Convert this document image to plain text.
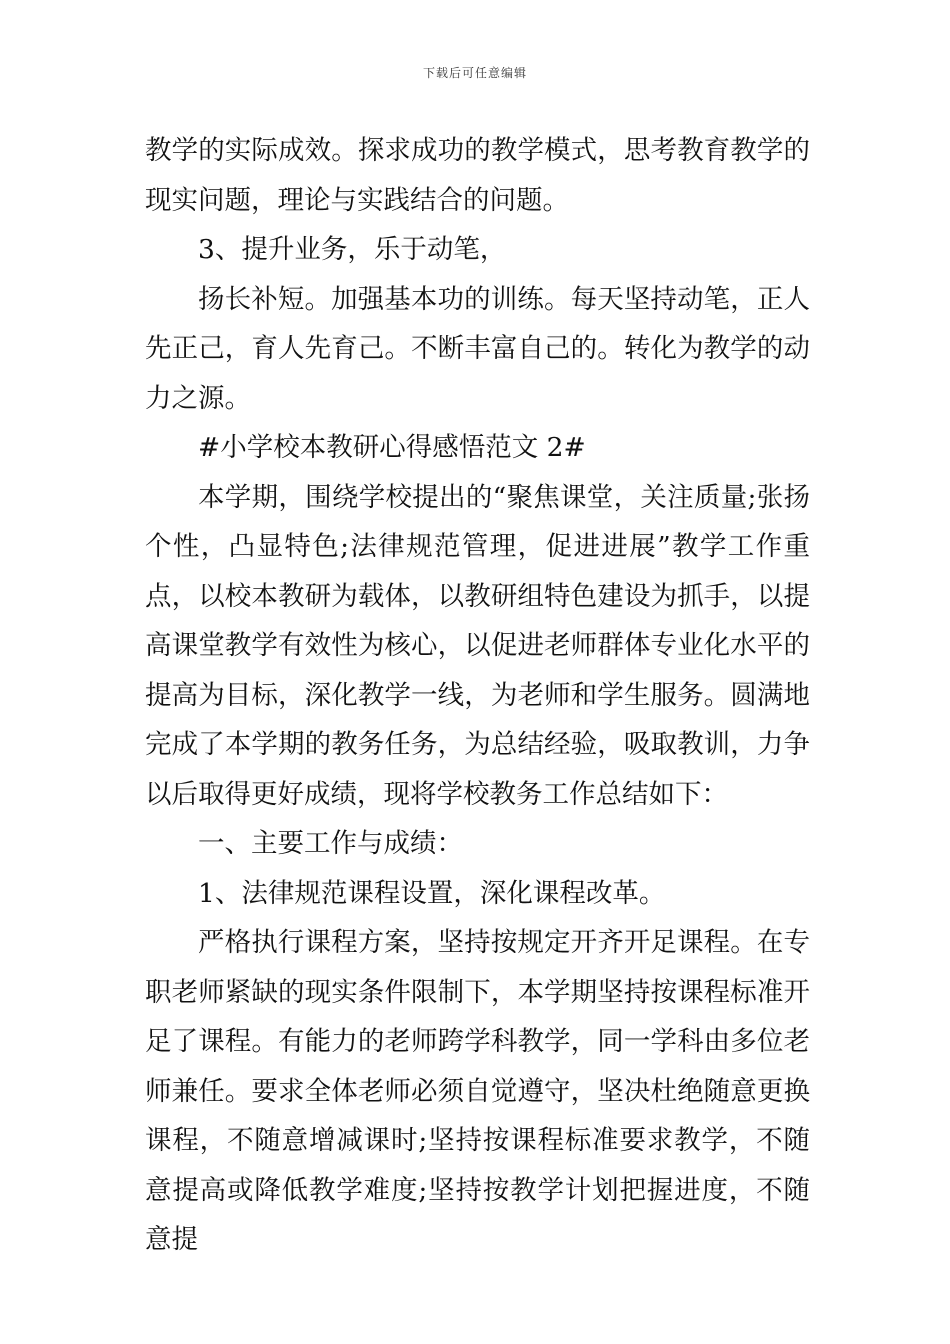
下载后可任意编辑

教学的实际成效。探求成功的教学模式，思考教育教学的现实问题，理论与实践结合的问题。

3、提升业务，乐于动笔，

扬长补短。加强基本功的训练。每天坚持动笔，正人先正己，育人先育己。不断丰富自己的。转化为教学的动力之源。

#小学校本教研心得感悟范文 2#

本学期，围绕学校提出的“聚焦课堂，关注质量;张扬个性，凸显特色;法律规范管理，促进进展”教学工作重点，以校本教研为载体，以教研组特色建设为抓手，以提高课堂教学有效性为核心，以促进老师群体专业化水平的提高为目标，深化教学一线，为老师和学生服务。圆满地完成了本学期的教务任务，为总结经验，吸取教训，力争以后取得更好成绩，现将学校教务工作总结如下：

一、主要工作与成绩：

1、法律规范课程设置，深化课程改革。

严格执行课程方案，坚持按规定开齐开足课程。在专职老师紧缺的现实条件限制下，本学期坚持按课程标准开足了课程。有能力的老师跨学科教学，同一学科由多位老师兼任。要求全体老师必须自觉遵守，坚决杜绝随意更换课程，不随意增减课时;坚持按课程标准要求教学，不随意提高或降低教学难度;坚持按教学计划把握进度，不随意提
